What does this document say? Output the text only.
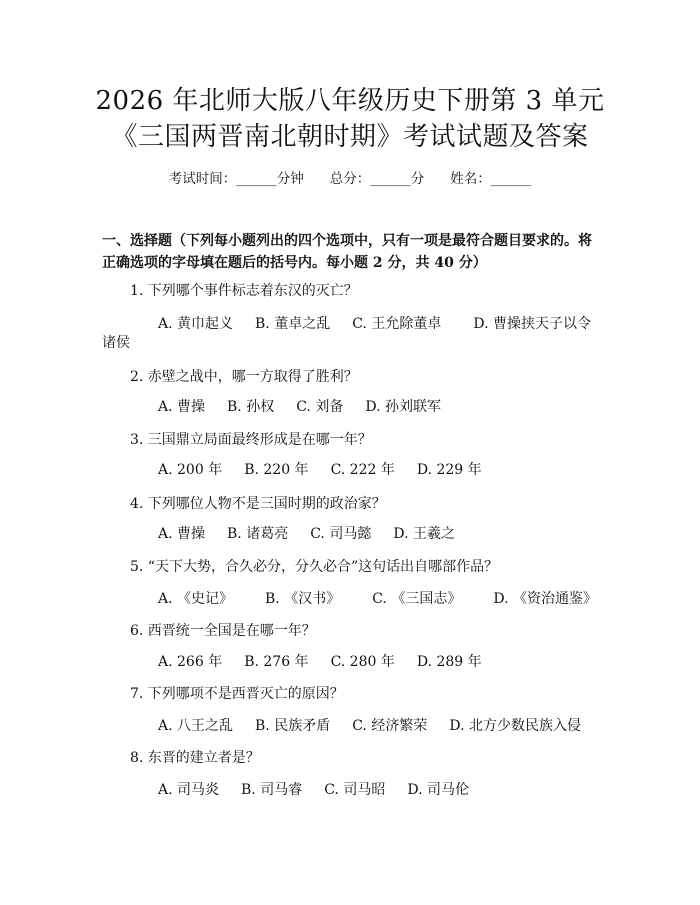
2026 年北师大版八年级历史下册第 3 单元
《三国两晋南北朝时期》考试试题及答案
考试时间：______分钟 总分：______分 姓名：______
一、选择题（下列每小题列出的四个选项中，只有一项是最符合题目要求的。将正确选项的字母填在题后的括号内。每小题 2 分，共 40 分）
1. 下列哪个事件标志着东汉的灭亡？
A. 黄巾起义 B. 董卓之乱 C. 王允除董卓 D. 曹操挟天子以令
诸侯
2. 赤壁之战中，哪一方取得了胜利？
A. 曹操 B. 孙权 C. 刘备 D. 孙刘联军
3. 三国鼎立局面最终形成是在哪一年？
A. 200 年 B. 220 年 C. 222 年 D. 229 年
4. 下列哪位人物不是三国时期的政治家？
A. 曹操 B. 诸葛亮 C. 司马懿 D. 王羲之
5. “天下大势，合久必分，分久必合”这句话出自哪部作品？
A. 《史记》 B. 《汉书》 C. 《三国志》 D. 《资治通鉴》
6. 西晋统一全国是在哪一年？
A. 266 年 B. 276 年 C. 280 年 D. 289 年
7. 下列哪项不是西晋灭亡的原因？
A. 八王之乱 B. 民族矛盾 C. 经济繁荣 D. 北方少数民族入侵
8. 东晋的建立者是？
A. 司马炎 B. 司马睿 C. 司马昭 D. 司马伦
